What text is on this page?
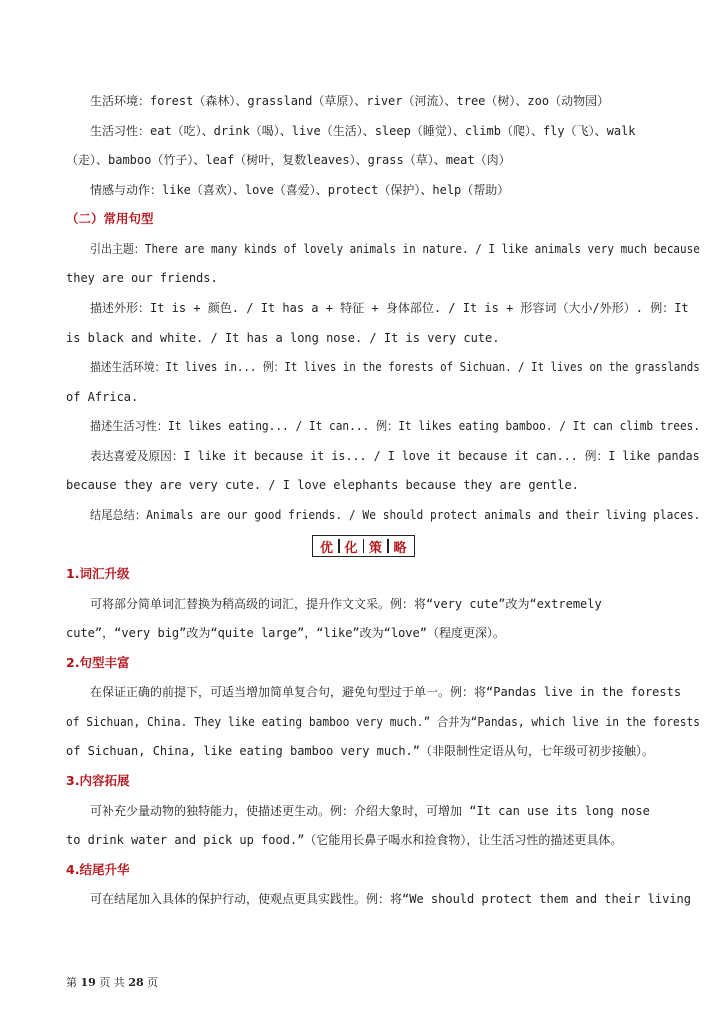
生活环境：forest（森林）、grassland（草原）、river（河流）、tree（树）、zoo（动物园）
生活习性：eat（吃）、drink（喝）、live（生活）、sleep（睡觉）、climb（爬）、fly（飞）、walk
（走）、bamboo（竹子）、leaf（树叶，复数leaves）、grass（草）、meat（肉）
情感与动作：like（喜欢）、love（喜爱）、protect（保护）、help（帮助）
（二）常用句型
引出主题：There are many kinds of lovely animals in nature. / I like animals very much because
they are our friends.
描述外形：It is + 颜色. / It has a + 特征 + 身体部位. / It is + 形容词（大小/外形）. 例：It
is black and white. / It has a long nose. / It is very cute.
描述生活环境：It lives in... 例：It lives in the forests of Sichuan. / It lives on the grasslands
of Africa.
描述生活习性：It likes eating... / It can... 例：It likes eating bamboo. / It can climb trees.
表达喜爱及原因：I like it because it is... / I love it because it can... 例：I like pandas
because they are very cute. / I love elephants because they are gentle.
结尾总结：Animals are our good friends. / We should protect animals and their living places.
优 化 策 略
1.词汇升级
可将部分简单词汇替换为稍高级的词汇，提升作文文采。例：将“very cute”改为“extremely
cute”，“very big”改为“quite large”，“like”改为“love”（程度更深）。
2.句型丰富
在保证正确的前提下，可适当增加简单复合句，避免句型过于单一。例：将“Pandas live in the forests
of Sichuan, China. They like eating bamboo very much.” 合并为“Pandas, which live in the forests
of Sichuan, China, like eating bamboo very much.”（非限制性定语从句，七年级可初步接触）。
3.内容拓展
可补充少量动物的独特能力，使描述更生动。例：介绍大象时，可增加 “It can use its long nose
to drink water and pick up food.”（它能用长鼻子喝水和捡食物），让生活习性的描述更具体。
4.结尾升华
可在结尾加入具体的保护行动，使观点更具实践性。例：将“We should protect them and their living
第 19 页 共 28 页
